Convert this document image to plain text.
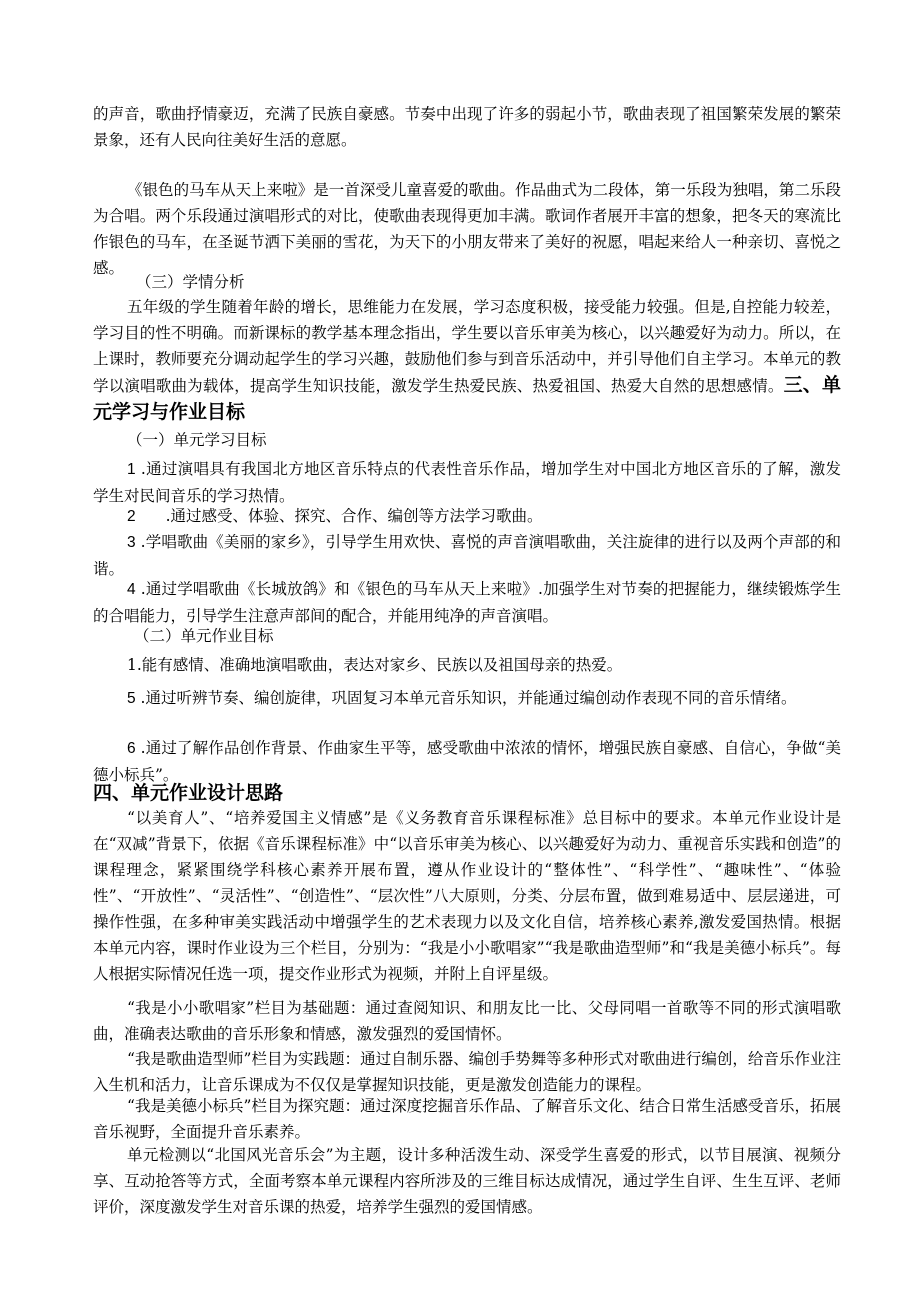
的声音，歌曲抒情豪迈，充满了民族自豪感。节奏中出现了许多的弱起小节，歌曲表现了祖国繁荣发展的繁荣景象，还有人民向往美好生活的意愿。

《银色的马车从天上来啦》是一首深受儿童喜爱的歌曲。作品曲式为二段体，第一乐段为独唱，第二乐段为合唱。两个乐段通过演唱形式的对比，使歌曲表现得更加丰满。歌词作者展开丰富的想象，把冬天的寒流比作银色的马车，在圣诞节洒下美丽的雪花，为天下的小朋友带来了美好的祝愿，唱起来给人一种亲切、喜悦之感。

（三）学情分析

五年级的学生随着年龄的增长，思维能力在发展，学习态度积极，接受能力较强。但是,自控能力较差，学习目的性不明确。而新课标的教学基本理念指出，学生要以音乐审美为核心，以兴趣爱好为动力。所以，在上课时，教师要充分调动起学生的学习兴趣，鼓励他们参与到音乐活动中，并引导他们自主学习。本单元的教学以演唱歌曲为载体，提高学生知识技能，激发学生热爱民族、热爱祖国、热爱大自然的思想感情。三、单元学习与作业目标

（一）单元学习目标

1 .通过演唱具有我国北方地区音乐特点的代表性音乐作品，增加学生对中国北方地区音乐的了解，激发学生对民间音乐的学习热情。

2 .通过感受、体验、探究、合作、编创等方法学习歌曲。

3 .学唱歌曲《美丽的家乡》，引导学生用欢快、喜悦的声音演唱歌曲，关注旋律的进行以及两个声部的和谐。

4 .通过学唱歌曲《长城放鸽》和《银色的马车从天上来啦》.加强学生对节奏的把握能力，继续锻炼学生的合唱能力，引导学生注意声部间的配合，并能用纯净的声音演唱。

（二）单元作业目标

1.能有感情、准确地演唱歌曲，表达对家乡、民族以及祖国母亲的热爱。

5 .通过听辨节奏、编创旋律，巩固复习本单元音乐知识，并能通过编创动作表现不同的音乐情绪。

6 .通过了解作品创作背景、作曲家生平等，感受歌曲中浓浓的情怀，增强民族自豪感、自信心，争做“美德小标兵”。

四、单元作业设计思路

“以美育人”、“培养爱国主义情感”是《义务教育音乐课程标准》总目标中的要求。本单元作业设计是在“双减”背景下，依据《音乐课程标准》中“以音乐审美为核心、以兴趣爱好为动力、重视音乐实践和创造”的课程理念，紧紧围绕学科核心素养开展布置，遵从作业设计的“整体性”、“科学性”、“趣味性”、“体验性”、“开放性”、“灵活性”、“创造性”、“层次性”八大原则，分类、分层布置，做到难易适中、层层递进，可操作性强，在多种审美实践活动中增强学生的艺术表现力以及文化自信，培养核心素养,激发爱国热情。根据本单元内容，课时作业设为三个栏目，分别为：“我是小小歌唱家”“我是歌曲造型师”和“我是美德小标兵”。每人根据实际情况任选一项，提交作业形式为视频，并附上自评星级。

“我是小小歌唱家”栏目为基础题：通过查阅知识、和朋友比一比、父母同唱一首歌等不同的形式演唱歌曲，准确表达歌曲的音乐形象和情感，激发强烈的爱国情怀。

“我是歌曲造型师”栏目为实践题：通过自制乐器、编创手势舞等多种形式对歌曲进行编创，给音乐作业注入生机和活力，让音乐课成为不仅仅是掌握知识技能，更是激发创造能力的课程。

“我是美德小标兵”栏目为探究题：通过深度挖掘音乐作品、了解音乐文化、结合日常生活感受音乐，拓展音乐视野，全面提升音乐素养。

单元检测以“北国风光音乐会”为主题，设计多种活泼生动、深受学生喜爱的形式，以节目展演、视频分享、互动抢答等方式，全面考察本单元课程内容所涉及的三维目标达成情况，通过学生自评、生生互评、老师评价，深度激发学生对音乐课的热爱，培养学生强烈的爱国情感。
